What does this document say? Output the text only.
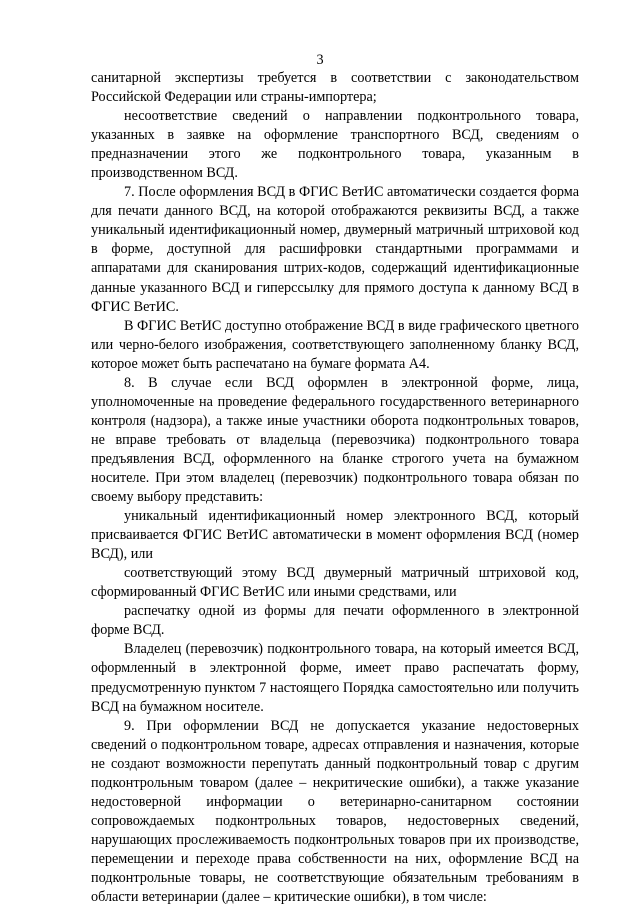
3

санитарной экспертизы требуется в соответствии с законодательством Российской Федерации или страны-импортера;

несоответствие сведений о направлении подконтрольного товара, указанных в заявке на оформление транспортного ВСД, сведениям о предназначении этого же подконтрольного товара, указанным в производственном ВСД.

7. После оформления ВСД в ФГИС ВетИС автоматически создается форма для печати данного ВСД, на которой отображаются реквизиты ВСД, а также уникальный идентификационный номер, двумерный матричный штриховой код в форме, доступной для расшифровки стандартными программами и аппаратами для сканирования штрих-кодов, содержащий идентификационные данные указанного ВСД и гиперссылку для прямого доступа к данному ВСД в ФГИС ВетИС.

В ФГИС ВетИС доступно отображение ВСД в виде графического цветного или черно-белого изображения, соответствующего заполненному бланку ВСД, которое может быть распечатано на бумаге формата А4.

8. В случае если ВСД оформлен в электронной форме, лица, уполномоченные на проведение федерального государственного ветеринарного контроля (надзора), а также иные участники оборота подконтрольных товаров, не вправе требовать от владельца (перевозчика) подконтрольного товара предъявления ВСД, оформленного на бланке строгого учета на бумажном носителе. При этом владелец (перевозчик) подконтрольного товара обязан по своему выбору представить:

уникальный идентификационный номер электронного ВСД, который присваивается ФГИС ВетИС автоматически в момент оформления ВСД (номер ВСД), или

соответствующий этому ВСД двумерный матричный штриховой код, сформированный ФГИС ВетИС или иными средствами, или

распечатку одной из формы для печати оформленного в электронной форме ВСД.

Владелец (перевозчик) подконтрольного товара, на который имеется ВСД, оформленный в электронной форме, имеет право распечатать форму, предусмотренную пунктом 7 настоящего Порядка самостоятельно или получить ВСД на бумажном носителе.

9. При оформлении ВСД не допускается указание недостоверных сведений о подконтрольном товаре, адресах отправления и назначения, которые не создают возможности перепутать данный подконтрольный товар с другим подконтрольным товаром (далее – некритические ошибки), а также указание недостоверной информации о ветеринарно-санитарном состоянии сопровождаемых подконтрольных товаров, недостоверных сведений, нарушающих прослеживаемость подконтрольных товаров при их производстве, перемещении и переходе права собственности на них, оформление ВСД на подконтрольные товары, не соответствующие обязательным требованиям в области ветеринарии (далее – критические ошибки), в том числе:
